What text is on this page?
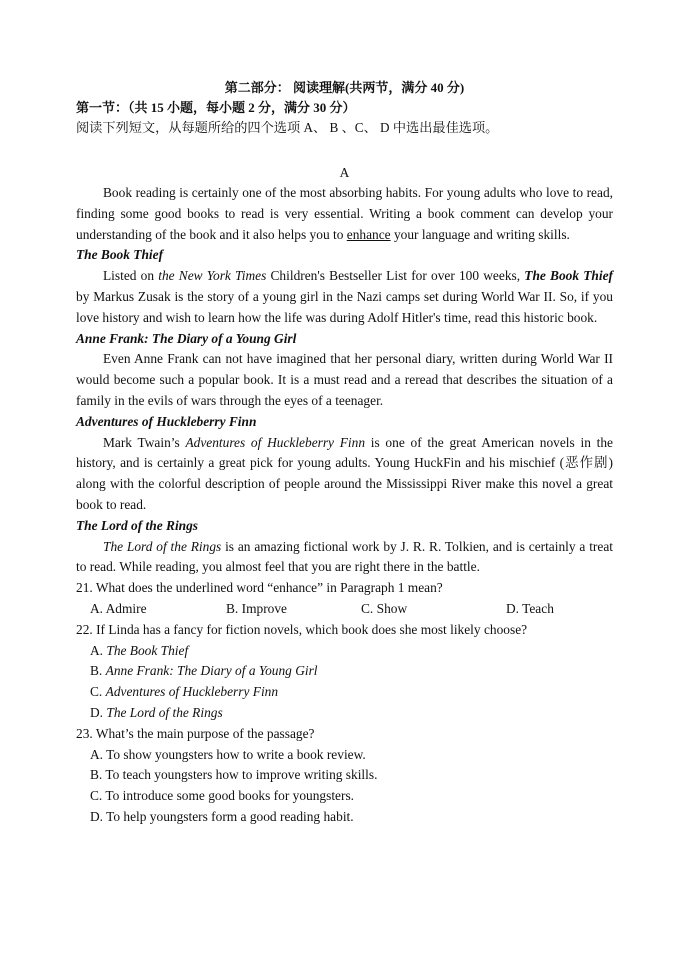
第二部分： 阅读理解(共两节，满分 40 分)
第一节：（共 15 小题，每小题 2 分，满分 30 分）
阅读下列短文，从每题所给的四个选项 A、 B 、C、 D 中选出最佳选项。
A

Book reading is certainly one of the most absorbing habits. For young adults who love to read, finding some good books to read is very essential. Writing a book comment can develop your understanding of the book and it also helps you to enhance your language and writing skills.

The Book Thief

Listed on the New York Times Children's Bestseller List for over 100 weeks, The Book Thief by Markus Zusak is the story of a young girl in the Nazi camps set during World War II. So, if you love history and wish to learn how the life was during Adolf Hitler's time, read this historic book.

Anne Frank: The Diary of a Young Girl

Even Anne Frank can not have imagined that her personal diary, written during World War II would become such a popular book. It is a must read and a reread that describes the situation of a family in the evils of wars through the eyes of a teenager.

Adventures of Huckleberry Finn

Mark Twain’s Adventures of Huckleberry Finn is one of the great American novels in the history, and is certainly a great pick for young adults. Young HuckFin and his mischief (恶作剧) along with the colorful description of people around the Mississippi River make this novel a great book to read.

The Lord of the Rings

The Lord of the Rings is an amazing fictional work by J. R. R. Tolkien, and is certainly a treat to read. While reading, you almost feel that you are right there in the battle.

21. What does the underlined word “enhance” in Paragraph 1 mean?
A. Admire	B. Improve	C. Show	D. Teach
22. If Linda has a fancy for fiction novels, which book does she most likely choose?
A. The Book Thief
B. Anne Frank: The Diary of a Young Girl
C. Adventures of Huckleberry Finn
D. The Lord of the Rings
23. What’s the main purpose of the passage?
A. To show youngsters how to write a book review.
B. To teach youngsters how to improve writing skills.
C. To introduce some good books for youngsters.
D. To help youngsters form a good reading habit.
